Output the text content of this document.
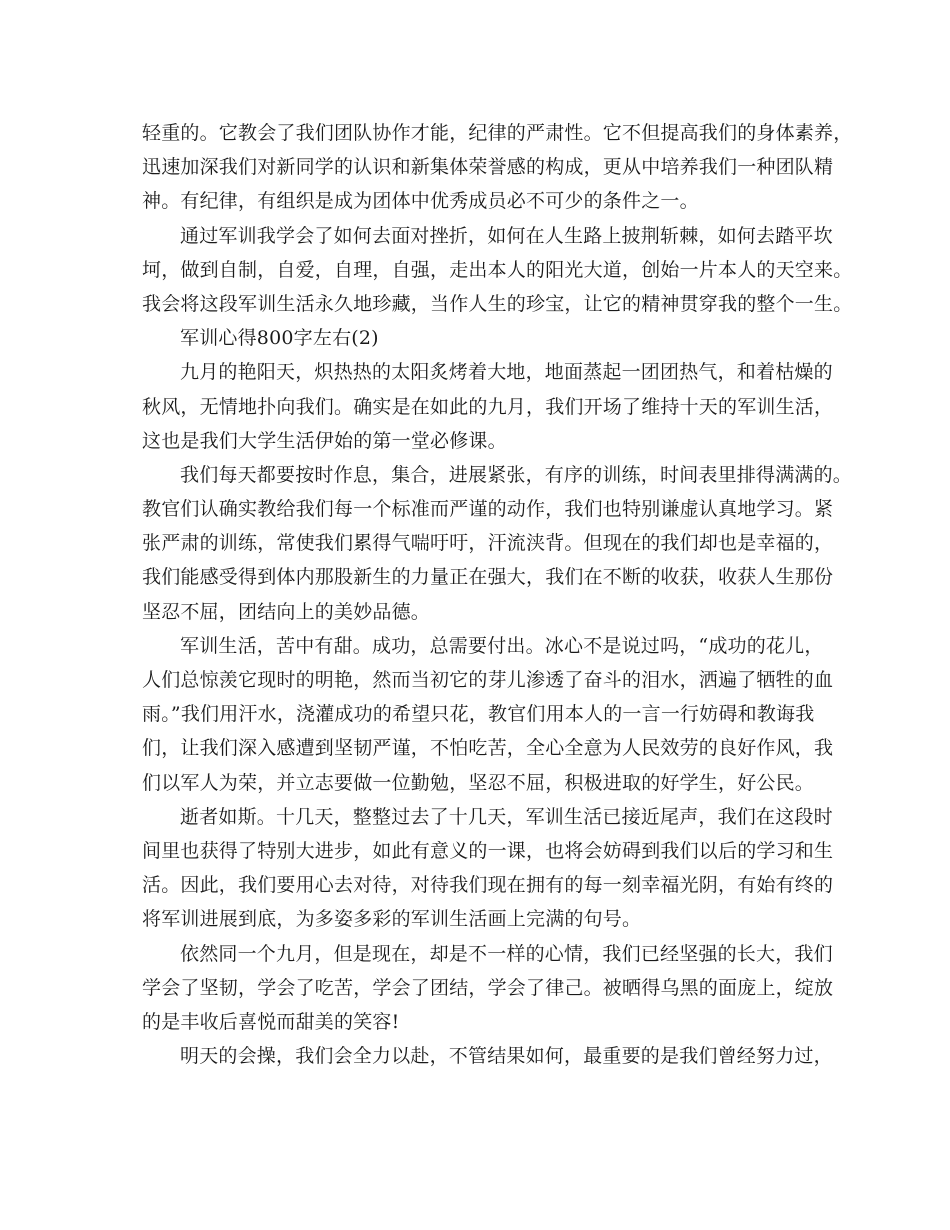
轻重的。它教会了我们团队协作才能，纪律的严肃性。它不但提高我们的身体素养，
迅速加深我们对新同学的认识和新集体荣誉感的构成，更从中培养我们一种团队精
神。有纪律，有组织是成为团体中优秀成员必不可少的条件之一。
通过军训我学会了如何去面对挫折，如何在人生路上披荆斩棘，如何去踏平坎
坷，做到自制，自爱，自理，自强，走出本人的阳光大道，创始一片本人的天空来。
我会将这段军训生活永久地珍藏，当作人生的珍宝，让它的精神贯穿我的整个一生。
军训心得800字左右(2)
九月的艳阳天，炽热热的太阳炙烤着大地，地面蒸起一团团热气，和着枯燥的
秋风，无情地扑向我们。确实是在如此的九月，我们开场了维持十天的军训生活，
这也是我们大学生活伊始的第一堂必修课。
我们每天都要按时作息，集合，进展紧张，有序的训练，时间表里排得满满的。
教官们认确实教给我们每一个标准而严谨的动作，我们也特别谦虚认真地学习。紧
张严肃的训练，常使我们累得气喘吁吁，汗流浃背。但现在的我们却也是幸福的，
我们能感受得到体内那股新生的力量正在强大，我们在不断的收获，收获人生那份
坚忍不屈，团结向上的美妙品德。
军训生活，苦中有甜。成功，总需要付出。冰心不是说过吗，“成功的花儿，
人们总惊羡它现时的明艳，然而当初它的芽儿渗透了奋斗的泪水，洒遍了牺牲的血
雨。”我们用汗水，浇灌成功的希望只花，教官们用本人的一言一行妨碍和教诲我
们，让我们深入感遭到坚韧严谨，不怕吃苦，全心全意为人民效劳的良好作风，我
们以军人为荣，并立志要做一位勤勉，坚忍不屈，积极进取的好学生，好公民。
逝者如斯。十几天，整整过去了十几天，军训生活已接近尾声，我们在这段时
间里也获得了特别大进步，如此有意义的一课，也将会妨碍到我们以后的学习和生
活。因此，我们要用心去对待，对待我们现在拥有的每一刻幸福光阴，有始有终的
将军训进展到底，为多姿多彩的军训生活画上完满的句号。
依然同一个九月，但是现在，却是不一样的心情，我们已经坚强的长大，我们
学会了坚韧，学会了吃苦，学会了团结，学会了律己。被晒得乌黑的面庞上，绽放
的是丰收后喜悦而甜美的笑容!
明天的会操，我们会全力以赴，不管结果如何，最重要的是我们曾经努力过，
